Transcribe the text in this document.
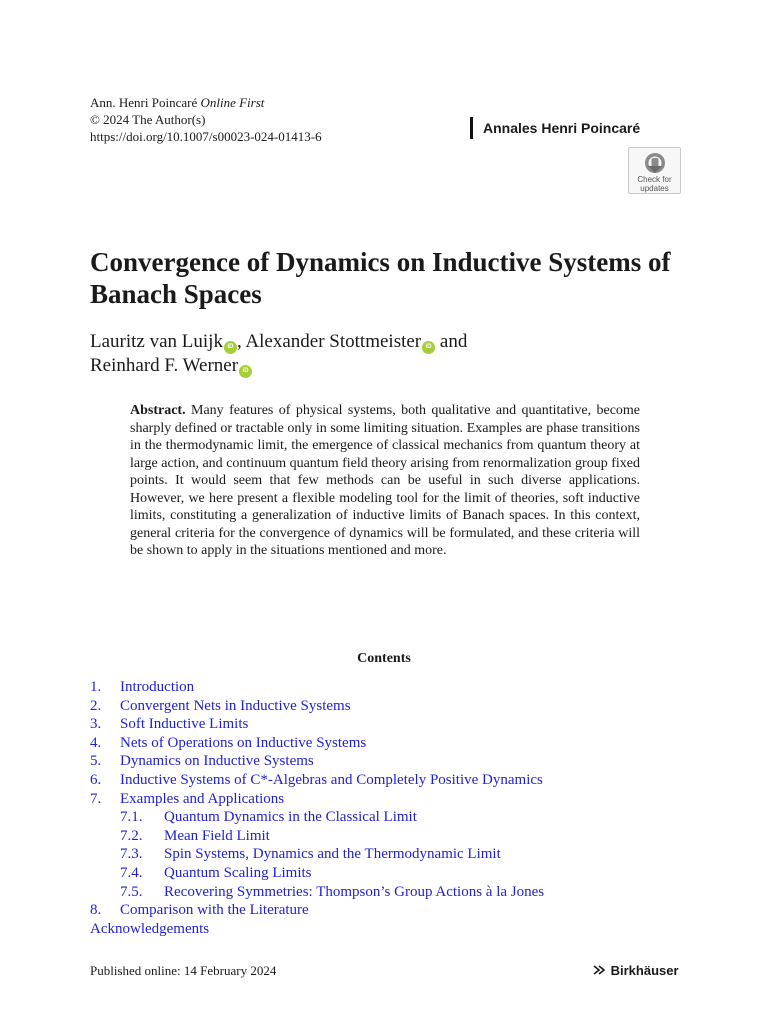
Ann. Henri Poincaré Online First
© 2024 The Author(s)
https://doi.org/10.1007/s00023-024-01413-6
Annales Henri Poincaré
Check for
updates
Convergence of Dynamics on Inductive Systems of Banach Spaces
Lauritz van Luijk iD , Alexander Stottmeister iD and
Reinhard F. Werner iD
Abstract. Many features of physical systems, both qualitative and quantitative, become sharply defined or tractable only in some limiting situation. Examples are phase transitions in the thermodynamic limit, the emergence of classical mechanics from quantum theory at large action, and continuum quantum field theory arising from renormalization group fixed points. It would seem that few methods can be useful in such diverse applications. However, we here present a flexible modeling tool for the limit of theories, soft inductive limits, constituting a generalization of inductive limits of Banach spaces. In this context, general criteria for the convergence of dynamics will be formulated, and these criteria will be shown to apply in the situations mentioned and more.
Contents
1. Introduction
2. Convergent Nets in Inductive Systems
3. Soft Inductive Limits
4. Nets of Operations on Inductive Systems
5. Dynamics on Inductive Systems
6. Inductive Systems of C*-Algebras and Completely Positive Dynamics
7. Examples and Applications
7.1. Quantum Dynamics in the Classical Limit
7.2. Mean Field Limit
7.3. Spin Systems, Dynamics and the Thermodynamic Limit
7.4. Quantum Scaling Limits
7.5. Recovering Symmetries: Thompson’s Group Actions à la Jones
8. Comparison with the Literature
Acknowledgements
Published online: 14 February 2024	Birkhäuser
